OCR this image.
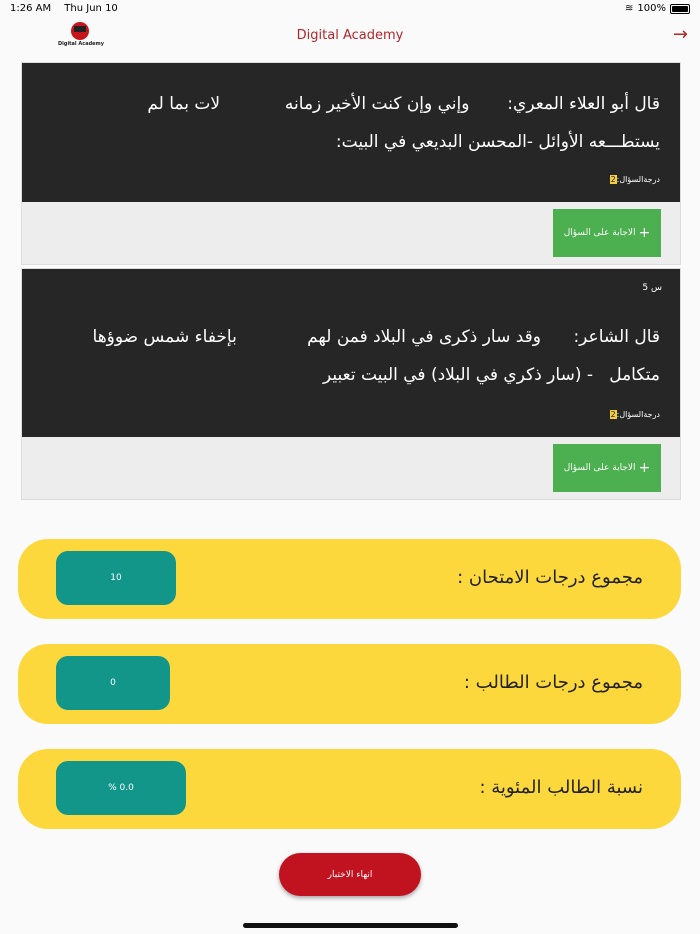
1:26 AM Thu Jun 10	≋ 100%
Digital Academy
Digital Academy	→
قال أبو العلاء المعري:       وإني وإن كنت الأخير زمانه            لات بما لم
يستطـــعه الأوائل -المحسن البديعي في البيت:
درجةالسؤال:2
+
الاجابة على السؤال
س 5
قال الشاعر:      وقد سار ذكرى في البلاد فمن لهم             بإخفاء شمس ضوؤها
متكامل   - (سار ذكري في البلاد) في البيت تعبير
درجةالسؤال:2
+
الاجابة على السؤال
مجموع درجات الامتحان :
10
مجموع درجات الطالب :
0
نسبة الطالب المئوية :
% 0.0
انهاء الاختبار
